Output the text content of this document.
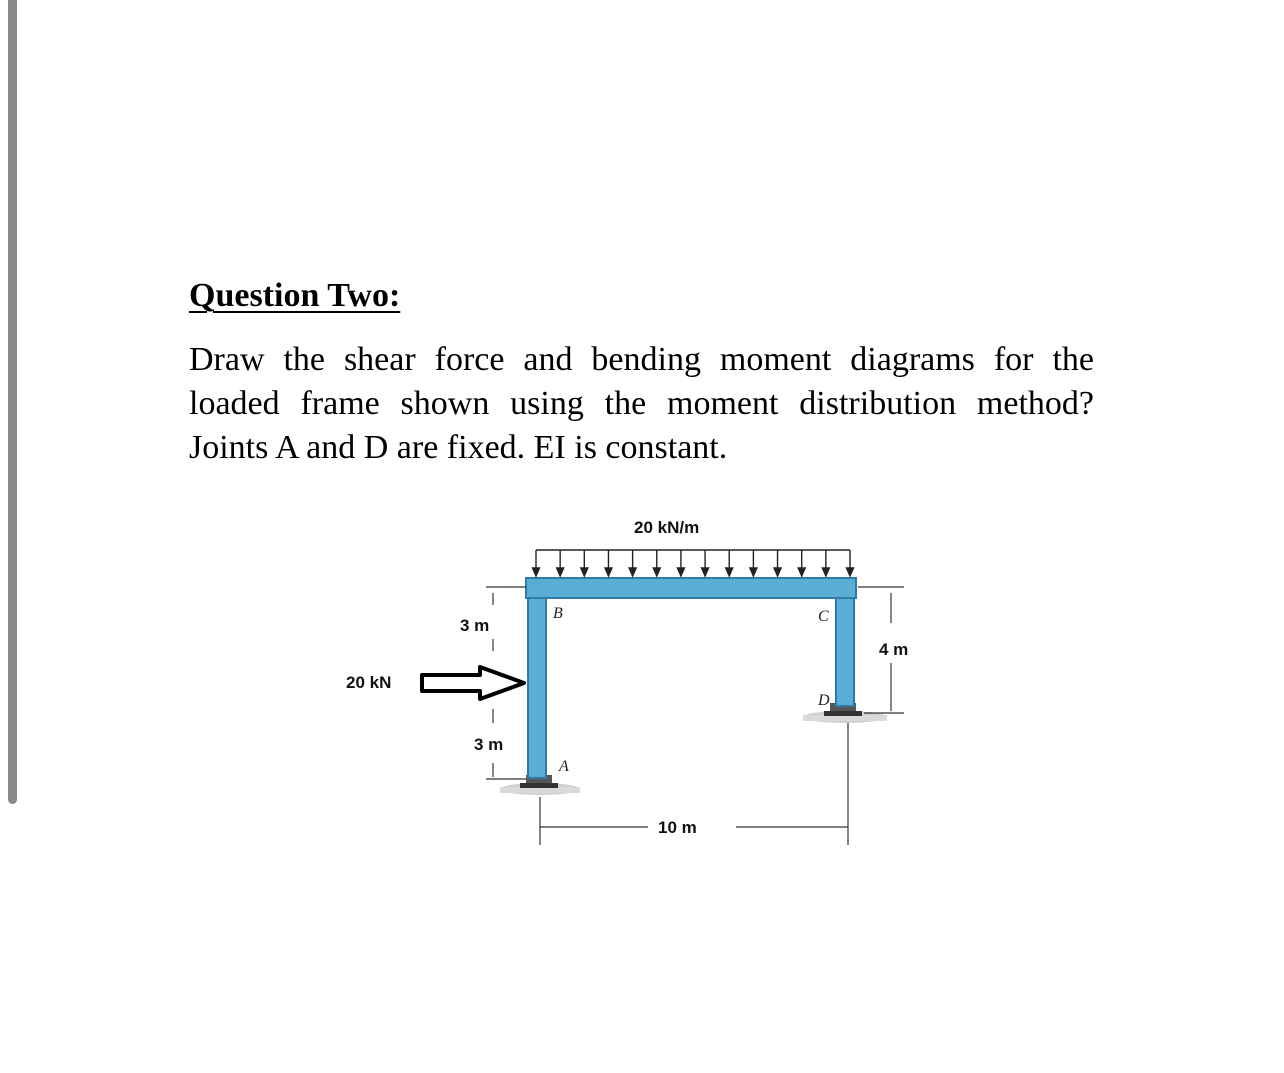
Question Two:

Draw the shear force and bending moment diagrams for the loaded frame shown using the moment distribution method? Joints A and D are fixed. EI is constant.

20 kN/m
20 kN
3 m
3 m
4 m
10 m
B	C
D
A
